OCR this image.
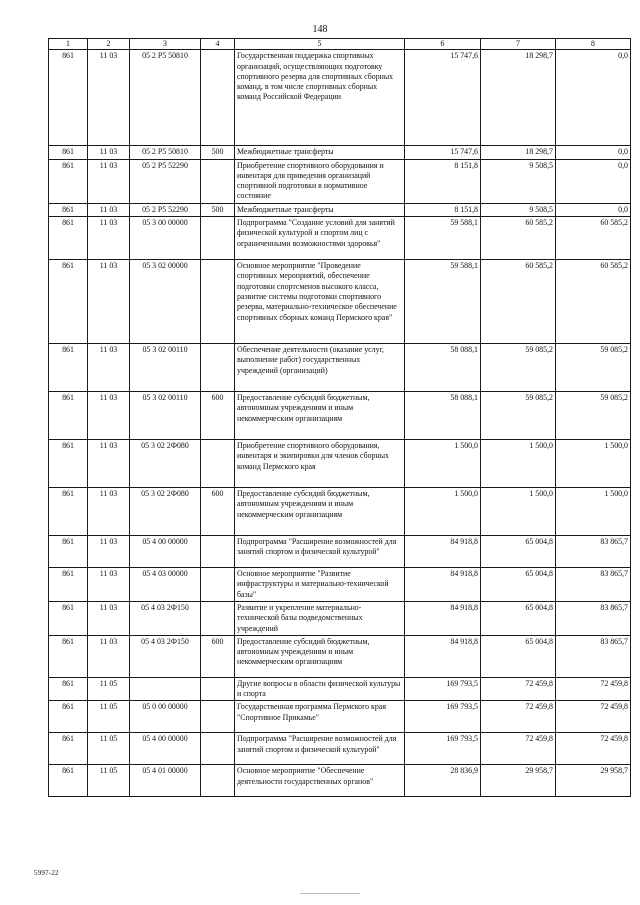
148
1	2	3	4	5	6	7	8
861	11 03	05 2 P5 50810		Государственная поддержка спортивных организаций, осуществляющих подготовку спортивного резерва для спортивных сборных команд, в том числе спортивных сборных команд Российской Федерации	15 747,6	18 298,7	0,0
861	11 03	05 2 P5 50810	500	Межбюджетные трансферты	15 747,6	18 298,7	0,0
861	11 03	05 2 P5 52290		Приобретение спортивного оборудования и инвентаря для приведения организаций спортивной подготовки в нормативное состояние	8 151,8	9 508,5	0,0
861	11 03	05 2 P5 52290	500	Межбюджетные трансферты	8 151,8	9 508,5	0,0
861	11 03	05 3 00 00000		Подпрограмма "Создание условий для занятий физической культурой и спортом лиц с ограниченными возможностями здоровья"	59 588,1	60 585,2	60 585,2
861	11 03	05 3 02 00000		Основное мероприятие "Проведение спортивных мероприятий, обеспечение подготовки спортсменов высокого класса, развитие системы подготовки спортивного резерва, материально-техническое обеспечение спортивных сборных команд Пермского края"	59 588,1	60 585,2	60 585,2
861	11 03	05 3 02 00110		Обеспечение деятельности (оказание услуг, выполнение работ) государственных учреждений (организаций)	58 088,1	59 085,2	59 085,2
861	11 03	05 3 02 00110	600	Предоставление субсидий бюджетным, автономным учреждениям и иным некоммерческим организациям	58 088,1	59 085,2	59 085,2
861	11 03	05 3 02 2Ф080		Приобретение спортивного оборудования, инвентаря и экипировки для членов сборных команд Пермского края	1 500,0	1 500,0	1 500,0
861	11 03	05 3 02 2Ф080	600	Предоставление субсидий бюджетным, автономным учреждениям и иным некоммерческим организациям	1 500,0	1 500,0	1 500,0
861	11 03	05 4 00 00000		Подпрограмма "Расширение возможностей для занятий спортом и физической культурой"	84 918,8	65 004,8	83 865,7
861	11 03	05 4 03 00000		Основное мероприятие "Развитие инфраструктуры и материально-технической базы"	84 918,8	65 004,8	83 865,7
861	11 03	05 4 03 2Ф150		Развитие и укрепление материально-технической базы подведомственных учреждений	84 918,8	65 004,8	83 865,7
861	11 03	05 4 03 2Ф150	600	Предоставление субсидий бюджетным, автономным учреждениям и иным некоммерческим организациям	84 918,8	65 004,8	83 865,7
861	11 05			Другие вопросы в области физической культуры и спорта	169 793,5	72 459,8	72 459,8
861	11 05	05 0 00 00000		Государственная программа Пермского края "Спортивное Прикамье"	169 793,5	72 459,8	72 459,8
861	11 05	05 4 00 00000		Подпрограмма "Расширение возможностей для занятий спортом и физической культурой"	169 793,5	72 459,8	72 459,8
861	11 05	05 4 01 00000		Основное мероприятие "Обеспечение деятельности государственных органов"	28 836,9	29 958,7	29 958,7
5997-22
